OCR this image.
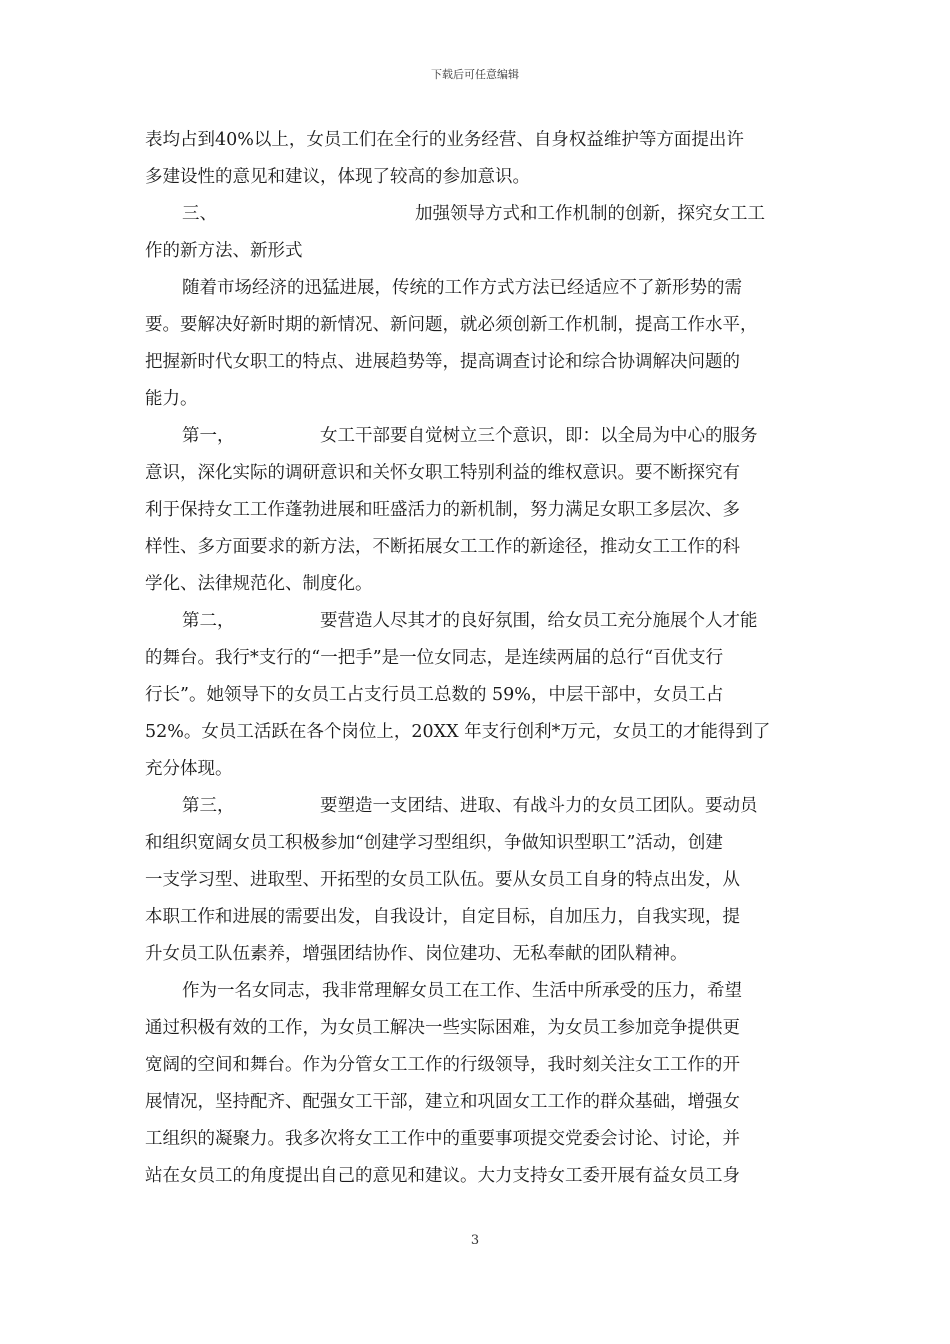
下载后可任意编辑
表均占到40%以上，女员工们在全行的业务经营、自身权益维护等方面提出许
多建设性的意见和建议，体现了较高的参加意识。
三、	加强领导方式和工作机制的创新，探究女工工
作的新方法、新形式
随着市场经济的迅猛进展，传统的工作方式方法已经适应不了新形势的需
要。要解决好新时期的新情况、新问题，就必须创新工作机制，提高工作水平，
把握新时代女职工的特点、进展趋势等，提高调查讨论和综合协调解决问题的
能力。
第一，	女工干部要自觉树立三个意识，即：以全局为中心的服务
意识，深化实际的调研意识和关怀女职工特别利益的维权意识。要不断探究有
利于保持女工工作蓬勃进展和旺盛活力的新机制，努力满足女职工多层次、多
样性、多方面要求的新方法，不断拓展女工工作的新途径，推动女工工作的科
学化、法律规范化、制度化。
第二，	要营造人尽其才的良好氛围，给女员工充分施展个人才能
的舞台。我行*支行的“一把手”是一位女同志，是连续两届的总行“百优支行
行长”。她领导下的女员工占支行员工总数的 59%，中层干部中，女员工占
52%。女员工活跃在各个岗位上，20XX 年支行创利*万元，女员工的才能得到了
充分体现。
第三，	要塑造一支团结、进取、有战斗力的女员工团队。要动员
和组织宽阔女员工积极参加“创建学习型组织，争做知识型职工”活动，创建
一支学习型、进取型、开拓型的女员工队伍。要从女员工自身的特点出发，从
本职工作和进展的需要出发，自我设计，自定目标，自加压力，自我实现，提
升女员工队伍素养，增强团结协作、岗位建功、无私奉献的团队精神。
作为一名女同志，我非常理解女员工在工作、生活中所承受的压力，希望
通过积极有效的工作，为女员工解决一些实际困难，为女员工参加竞争提供更
宽阔的空间和舞台。作为分管女工工作的行级领导，我时刻关注女工工作的开
展情况，坚持配齐、配强女工干部，建立和巩固女工工作的群众基础，增强女
工组织的凝聚力。我多次将女工工作中的重要事项提交党委会讨论、讨论，并
站在女员工的角度提出自己的意见和建议。大力支持女工委开展有益女员工身
3
